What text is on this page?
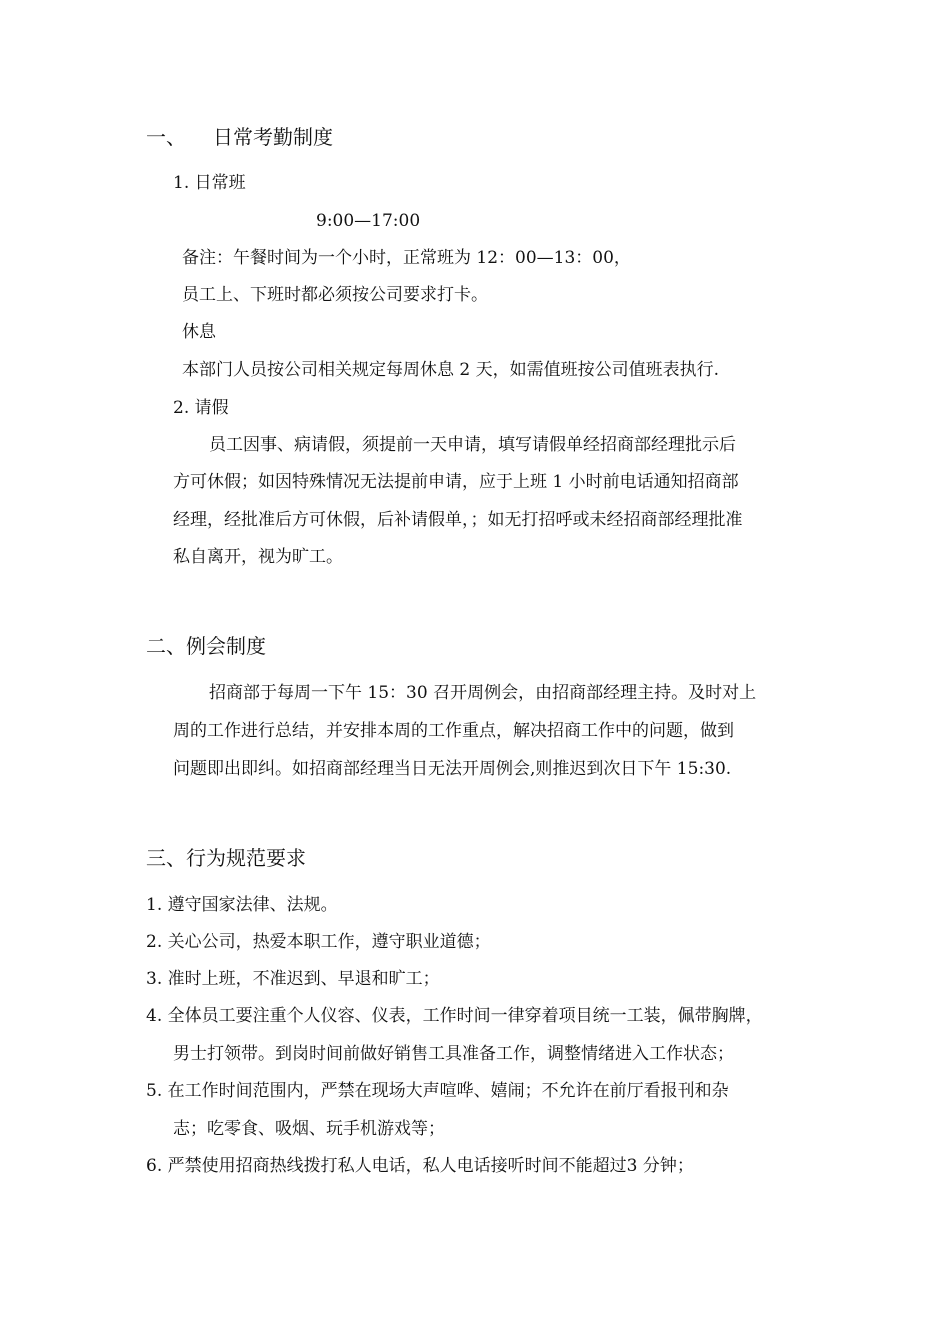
一、 日常考勤制度
1. 日常班
9:00—17:00
备注：午餐时间为一个小时，正常班为 12：00—13：00，
员工上、下班时都必须按公司要求打卡。
休息
本部门人员按公司相关规定每周休息 2 天，如需值班按公司值班表执行.
2. 请假
员工因事、病请假，须提前一天申请，填写请假单经招商部经理批示后
方可休假；如因特殊情况无法提前申请，应于上班 1 小时前电话通知招商部
经理，经批准后方可休假，后补请假单，；如无打招呼或未经招商部经理批准
私自离开，视为旷工。
二、例会制度
招商部于每周一下午 15：30 召开周例会，由招商部经理主持。及时对上
周的工作进行总结，并安排本周的工作重点，解决招商工作中的问题，做到
问题即出即纠。如招商部经理当日无法开周例会,则推迟到次日下午 15:30.
三、行为规范要求
1. 遵守国家法律、法规。
2. 关心公司，热爱本职工作，遵守职业道德；
3. 准时上班，不准迟到、早退和旷工；
4. 全体员工要注重个人仪容、仪表，工作时间一律穿着项目统一工装，佩带胸牌，
男士打领带。到岗时间前做好销售工具准备工作，调整情绪进入工作状态；
5. 在工作时间范围内，严禁在现场大声喧哗、嬉闹；不允许在前厅看报刊和杂
志；吃零食、吸烟、玩手机游戏等；
6. 严禁使用招商热线拨打私人电话，私人电话接听时间不能超过3 分钟；
